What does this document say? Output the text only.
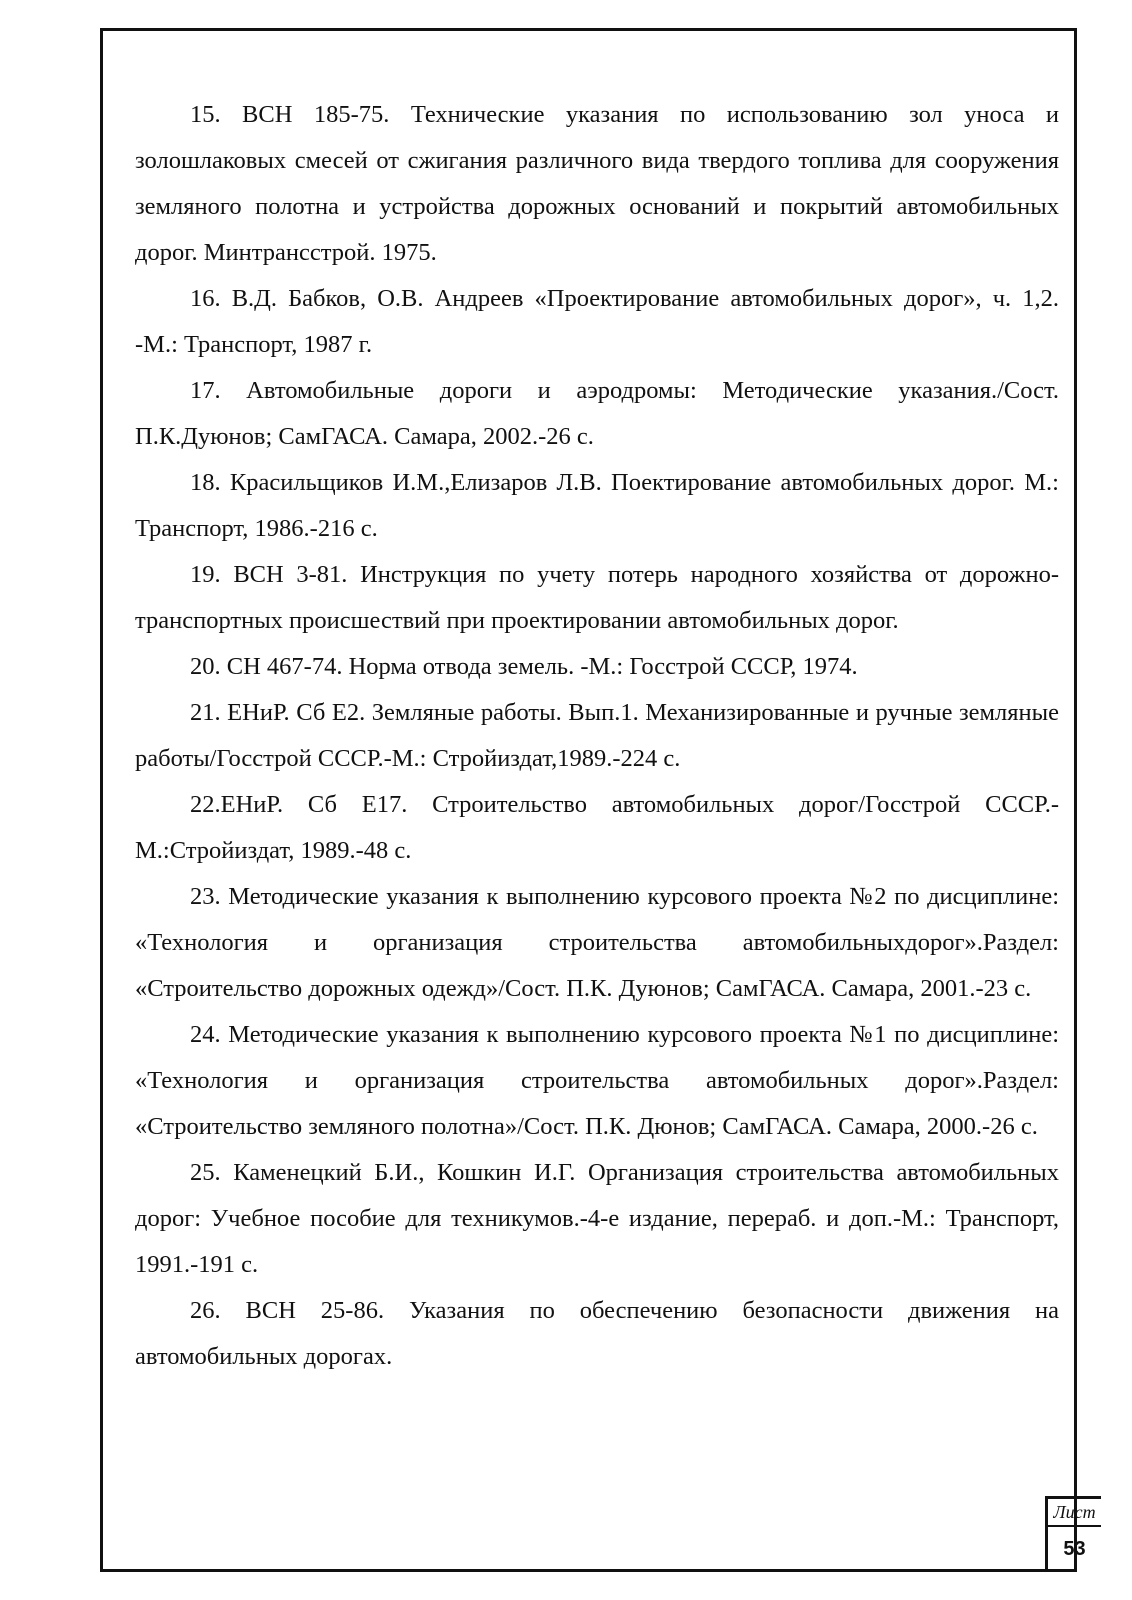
15. ВСН 185-75. Технические указания по использованию зол уноса и золошлаковых смесей от сжигания различного вида твердого топлива для сооружения земляного полотна и устройства дорожных оснований и покрытий автомобильных дорог. Минтрансстрой. 1975.

16. В.Д. Бабков, О.В. Андреев «Проектирование автомобильных дорог», ч. 1,2. -М.: Транспорт, 1987 г.

17. Автомобильные дороги и аэродромы: Методические указания./Сост. П.К.Дуюнов; СамГАСА. Самара, 2002.-26 с.

18. Красильщиков И.М.,Елизаров Л.В. Поектирование автомобильных дорог. М.: Транспорт, 1986.-216 с.

19. ВСН 3-81. Инструкция по учету потерь народного хозяйства от дорожно-транспортных происшествий при проектировании автомобильных дорог.

20. СН 467-74. Норма отвода земель. -М.: Госстрой СССР, 1974.

21. ЕНиР. Сб Е2. Земляные работы. Вып.1. Механизированные и ручные земляные работы/Госстрой СССР.-М.: Стройиздат,1989.-224 с.

22.ЕНиР. Сб Е17. Строительство автомобильных дорог/Госстрой СССР.-М.:Стройиздат, 1989.-48 с.

23. Методические указания к выполнению курсового проекта №2 по дисциплине: «Технология и организация строительства автомобильныхдорог».Раздел: «Строительство дорожных одежд»/Сост. П.К. Дуюнов; СамГАСА. Самара, 2001.-23 с.

24. Методические указания к выполнению курсового проекта №1 по дисциплине: «Технология и организация строительства автомобильных дорог».Раздел: «Строительство земляного полотна»/Сост. П.К. Дюнов; СамГАСА. Самара, 2000.-26 с.

25. Каменецкий Б.И., Кошкин И.Г. Организация строительства автомобильных дорог: Учебное пособие для техникумов.-4-е издание, перераб. и доп.-М.: Транспорт, 1991.-191 с.

26. ВСН 25-86. Указания по обеспечению безопасности движения на автомобильных дорогах.

Лист
53
